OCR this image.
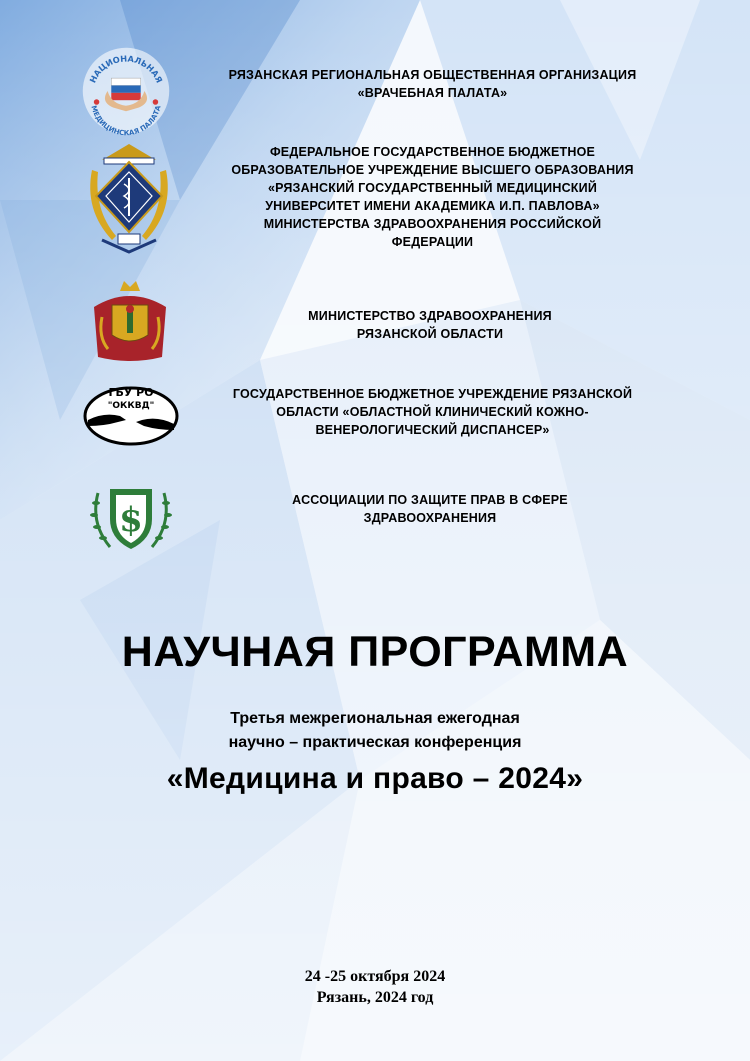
НАЦИОНАЛЬНАЯ
МЕДИЦИНСКАЯ ПАЛАТА
РЯЗАНСКАЯ РЕГИОНАЛЬНАЯ ОБЩЕСТВЕННАЯ ОРГАНИЗАЦИЯ
«ВРАЧЕБНАЯ ПАЛАТА»
ФЕДЕРАЛЬНОЕ ГОСУДАРСТВЕННОЕ БЮДЖЕТНОЕ
ОБРАЗОВАТЕЛЬНОЕ УЧРЕЖДЕНИЕ ВЫСШЕГО ОБРАЗОВАНИЯ
«РЯЗАНСКИЙ ГОСУДАРСТВЕННЫЙ МЕДИЦИНСКИЙ
УНИВЕРСИТЕТ ИМЕНИ АКАДЕМИКА И.П. ПАВЛОВА»
МИНИСТЕРСТВА ЗДРАВООХРАНЕНИЯ РОССИЙСКОЙ
ФЕДЕРАЦИИ
МИНИСТЕРСТВО ЗДРАВООХРАНЕНИЯ
РЯЗАНСКОЙ ОБЛАСТИ
ГБУ РО
"ОККВД"
ГОСУДАРСТВЕННОЕ БЮДЖЕТНОЕ УЧРЕЖДЕНИЕ РЯЗАНСКОЙ
ОБЛАСТИ «ОБЛАСТНОЙ КЛИНИЧЕСКИЙ КОЖНО-
ВЕНЕРОЛОГИЧЕСКИЙ ДИСПАНСЕР»
$	АССОЦИАЦИИ ПО ЗАЩИТЕ ПРАВ В СФЕРЕ
ЗДРАВООХРАНЕНИЯ
НАУЧНАЯ ПРОГРАММА
Третья межрегиональная ежегодная
научно – практическая конференция
«Медицина и право – 2024»
24 -25 октября 2024
Рязань, 2024 год
